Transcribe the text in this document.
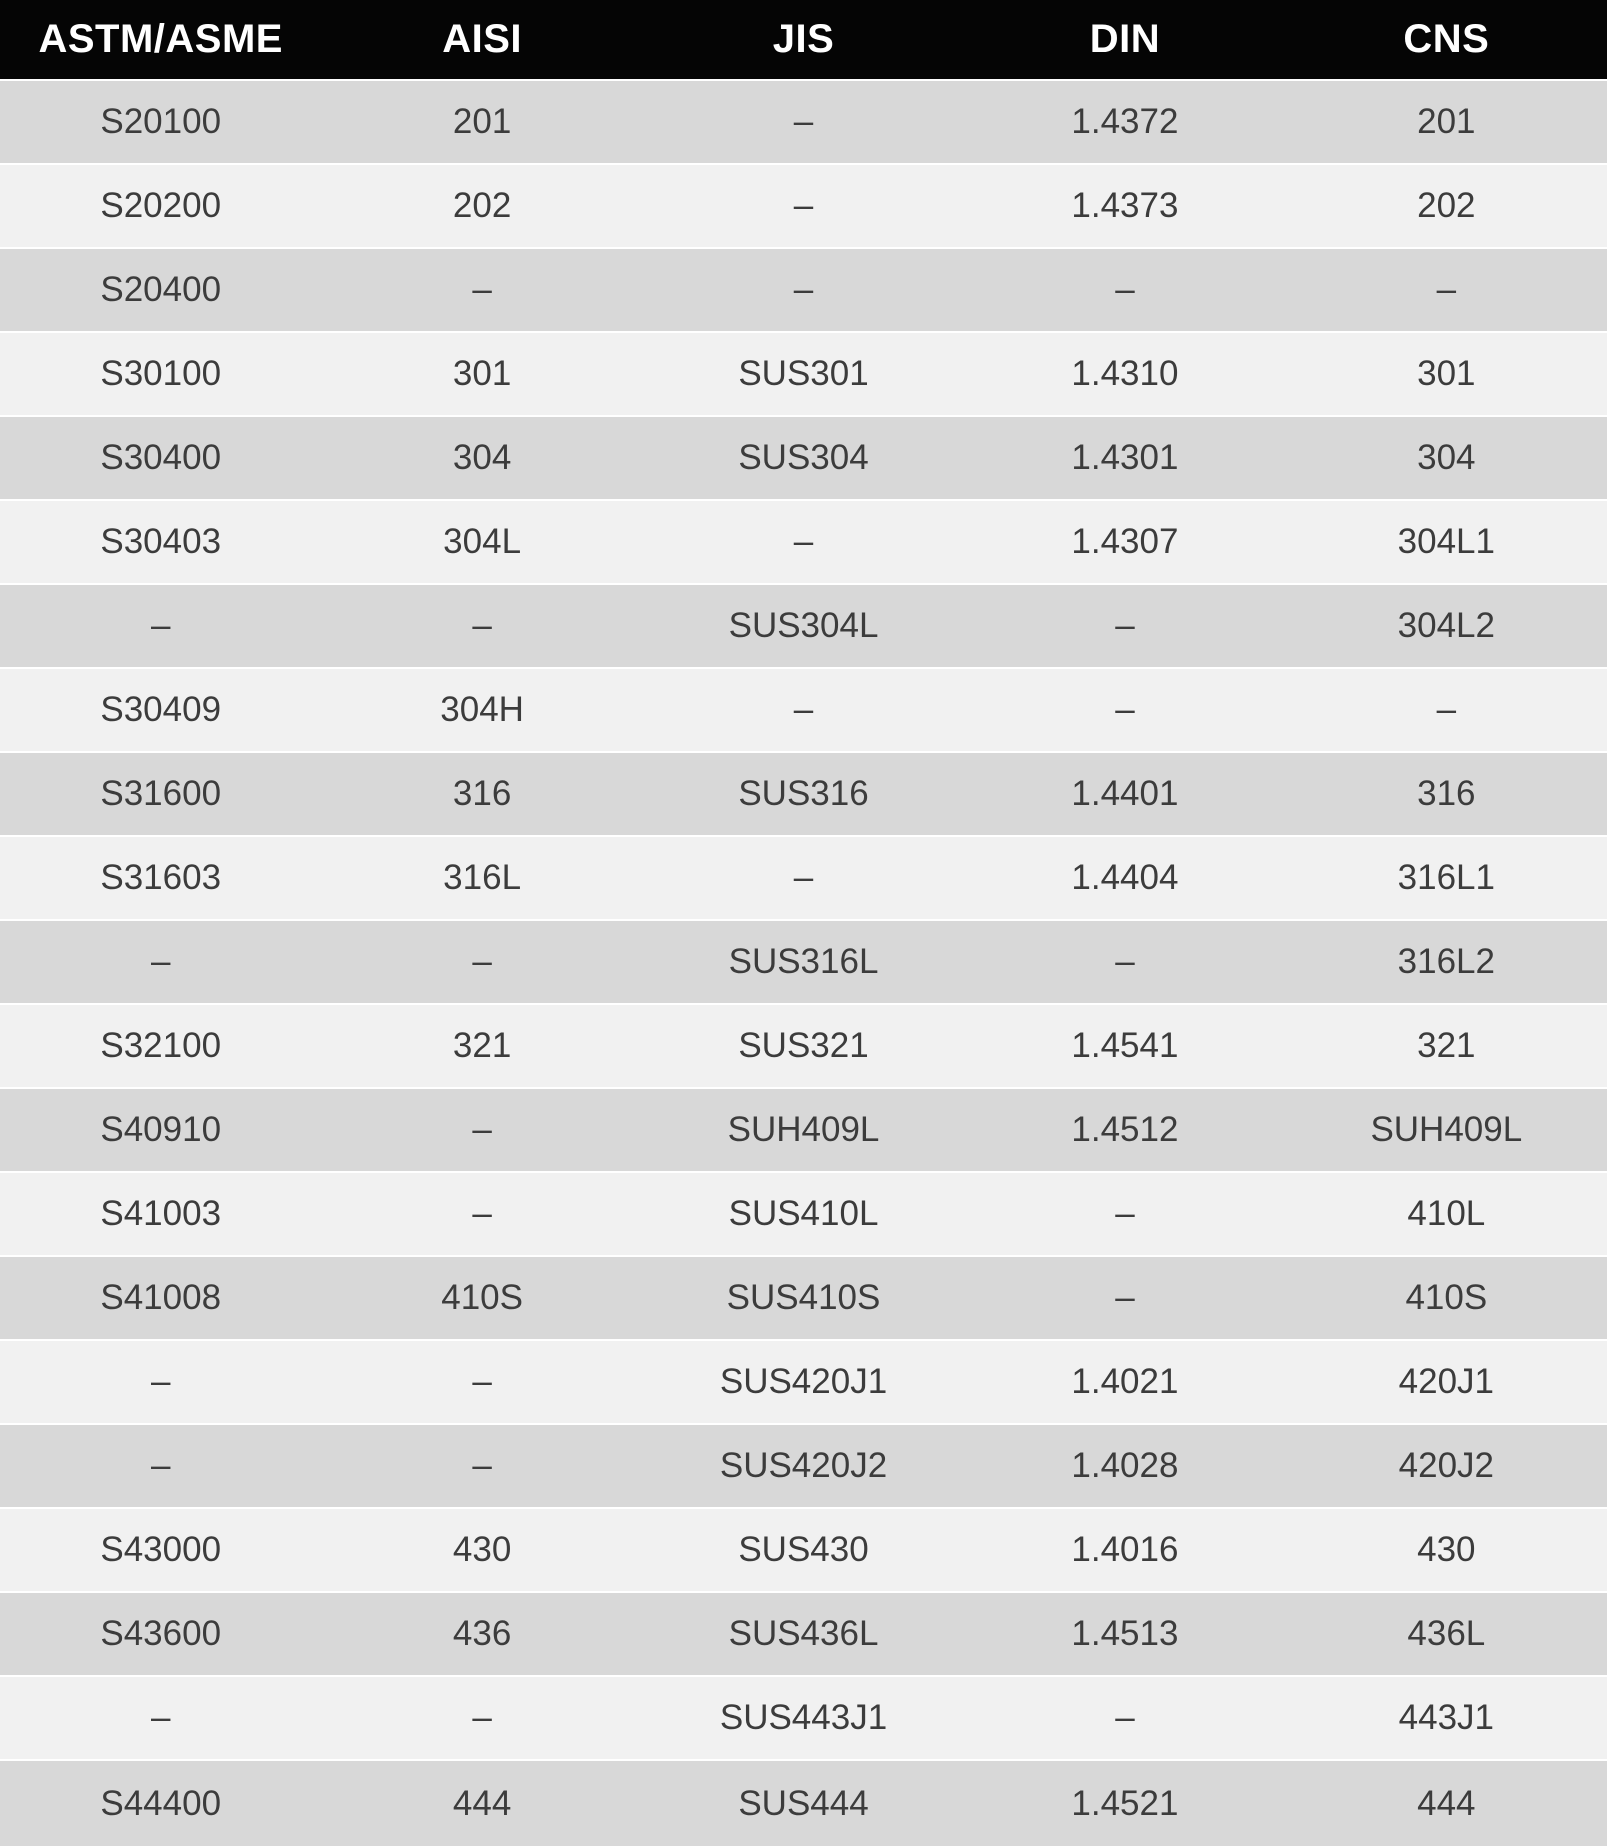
ASTM/ASME	AISI	JIS	DIN	CNS
S20100	201	–	1.4372	201
S20200	202	–	1.4373	202
S20400	–	–	–	–
S30100	301	SUS301	1.4310	301
S30400	304	SUS304	1.4301	304
S30403	304L	–	1.4307	304L1
–	–	SUS304L	–	304L2
S30409	304H	–	–	–
S31600	316	SUS316	1.4401	316
S31603	316L	–	1.4404	316L1
–	–	SUS316L	–	316L2
S32100	321	SUS321	1.4541	321
S40910	–	SUH409L	1.4512	SUH409L
S41003	–	SUS410L	–	410L
S41008	410S	SUS410S	–	410S
–	–	SUS420J1	1.4021	420J1
–	–	SUS420J2	1.4028	420J2
S43000	430	SUS430	1.4016	430
S43600	436	SUS436L	1.4513	436L
–	–	SUS443J1	–	443J1
S44400	444	SUS444	1.4521	444
